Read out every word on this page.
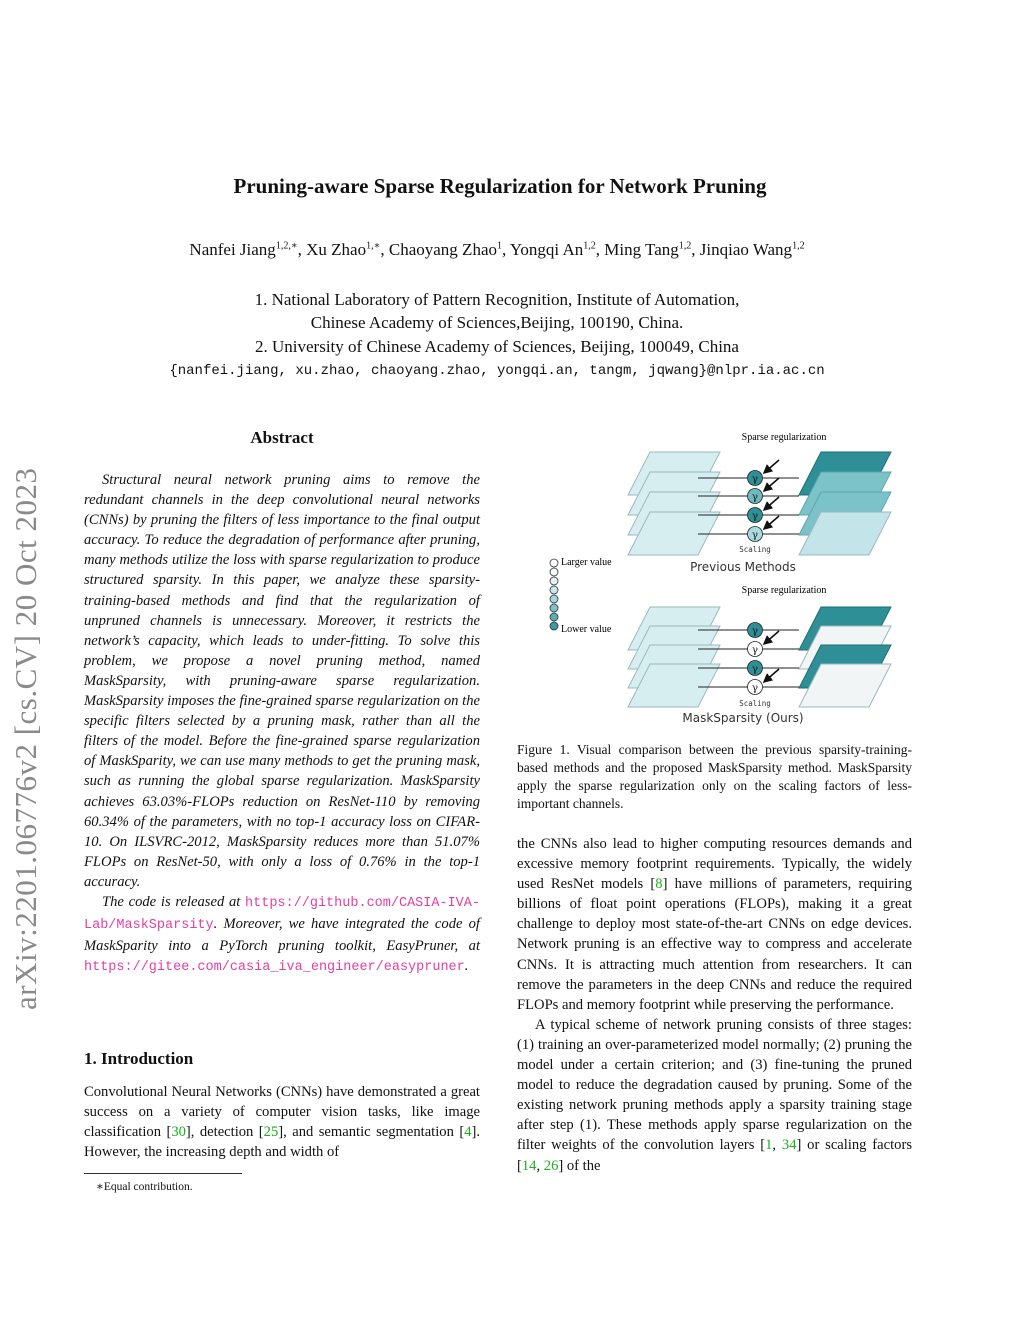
arXiv:2201.06776v2 [cs.CV] 20 Oct 2023
Pruning-aware Sparse Regularization for Network Pruning
Nanfei Jiang$^{1,2,∗}$, Xu Zhao$^{1,∗}$, Chaoyang Zhao$^1$, Yongqi An$^{1,2}$, Ming Tang$^{1,2}$, Jinqiao Wang$^{1,2}$
1. National Laboratory of Pattern Recognition, Institute of Automation,
Chinese Academy of Sciences,Beijing, 100190, China.
2. University of Chinese Academy of Sciences, Beijing, 100049, China
{nanfei.jiang, xu.zhao, chaoyang.zhao, yongqi.an, tangm, jqwang}@nlpr.ia.ac.cn
Abstract

Structural neural network pruning aims to remove the redundant channels in the deep convolutional neural networks (CNNs) by pruning the filters of less importance to the final output accuracy. To reduce the degradation of performance after pruning, many methods utilize the loss with sparse regularization to produce structured sparsity. In this paper, we analyze these sparsity-training-based methods and find that the regularization of unpruned channels is unnecessary. Moreover, it restricts the network’s capacity, which leads to under-fitting. To solve this problem, we propose a novel pruning method, named MaskSparsity, with pruning-aware sparse regularization. MaskSparsity imposes the fine-grained sparse regularization on the specific filters selected by a pruning mask, rather than all the filters of the model. Before the fine-grained sparse regularization of MaskSparity, we can use many methods to get the pruning mask, such as running the global sparse regularization. MaskSparsity achieves 63.03%-FLOPs reduction on ResNet-110 by removing 60.34% of the parameters, with no top-1 accuracy loss on CIFAR-10. On ILSVRC-2012, MaskSparsity reduces more than 51.07% FLOPs on ResNet-50, with only a loss of 0.76% in the top-1 accuracy.

The code is released at https://github.com/CASIA-IVA-Lab/MaskSparsity. Moreover, we have integrated the code of MaskSparity into a PyTorch pruning toolkit, EasyPruner, at https://gitee.com/casia_iva_engineer/easypruner.

1. Introduction

Convolutional Neural Networks (CNNs) have demonstrated a great success on a variety of computer vision tasks, like image classification [30], detection [25], and semantic segmentation [4]. However, the increasing depth and width of

∗Equal contribution.
Sparse regularization
γ
γ
γ
γ
Scaling
Previous Methods
Larger value
Lower value
Sparse regularization
γ
γ
γ
γ
Scaling
MaskSparsity (Ours)
Figure 1. Visual comparison between the previous sparsity-training-based methods and the proposed MaskSparsity method. MaskSparsity apply the sparse regularization only on the scaling factors of less-important channels.

the CNNs also lead to higher computing resources demands and excessive memory footprint requirements. Typically, the widely used ResNet models [8] have millions of parameters, requiring billions of float point operations (FLOPs), making it a great challenge to deploy most state-of-the-art CNNs on edge devices. Network pruning is an effective way to compress and accelerate CNNs. It is attracting much attention from researchers. It can remove the parameters in the deep CNNs and reduce the required FLOPs and memory footprint while preserving the performance.

A typical scheme of network pruning consists of three stages: (1) training an over-parameterized model normally; (2) pruning the model under a certain criterion; and (3) fine-tuning the pruned model to reduce the degradation caused by pruning. Some of the existing network pruning methods apply a sparsity training stage after step (1). These methods apply sparse regularization on the filter weights of the convolution layers [1, 34] or scaling factors [14, 26] of the
